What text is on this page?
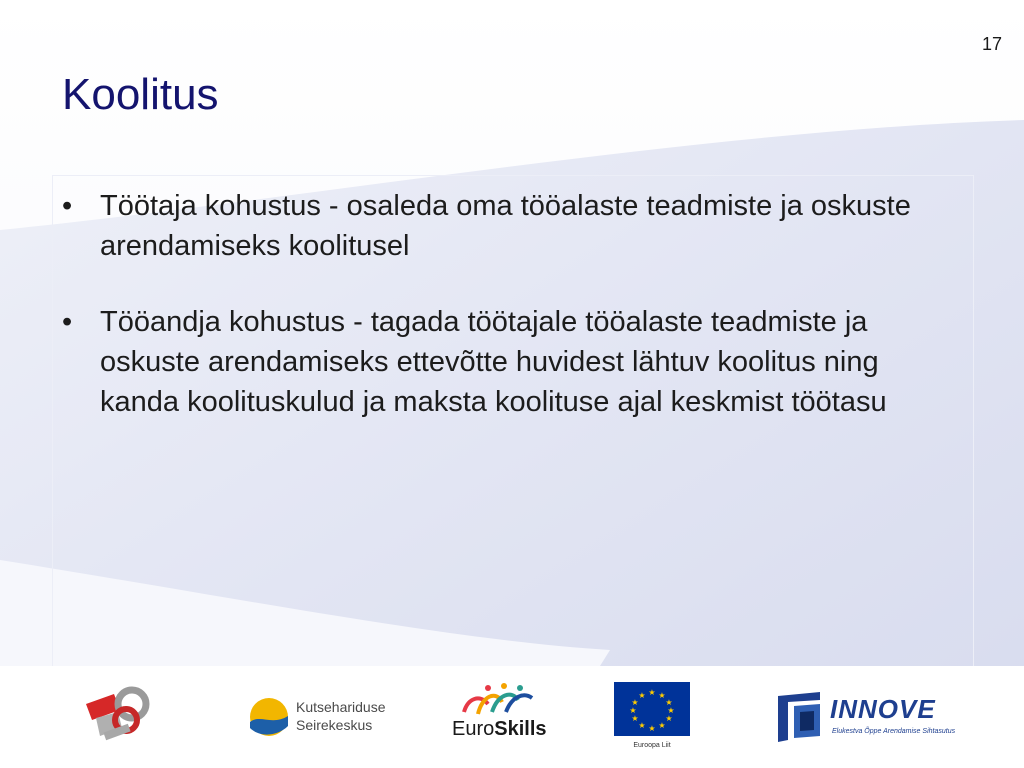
17
Koolitus
• Töötaja kohustus - osaleda oma tööalaste teadmiste ja oskuste arendamiseks koolitusel
• Tööandja kohustus - tagada töötajale tööalaste teadmiste ja oskuste arendamiseks ettevõtte huvidest lähtuv koolitus ning kanda koolituskulud ja maksta koolituse ajal keskmist töötasu
Kutsehariduse
Seirekeskus	EuroSkills
★ ★
★
★
★
★
★
★
★
★
★
★
Euroopa Liit
INNOVE
Elukestva Õppe Arendamise Sihtasutus
